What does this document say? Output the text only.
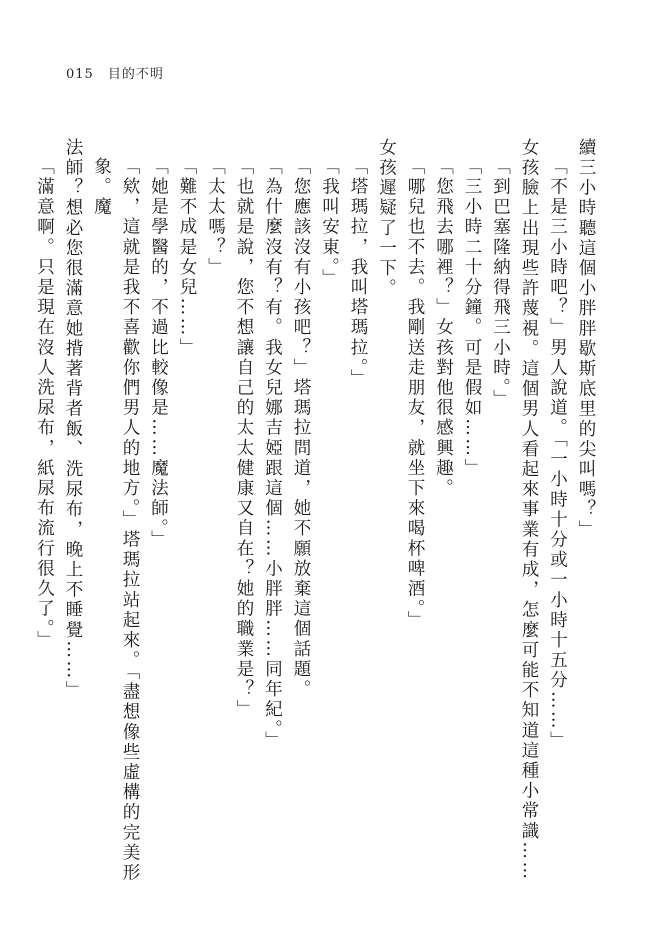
015 目的不明

續三小時聽這個小胖胖歇斯底里的尖叫嗎？」

「不是三小時吧？」男人說道。「一小時十分或一小時十五分……」

女孩臉上出現些許蔑視。這個男人看起來事業有成，怎麼可能不知道這種小常識……

「到巴塞隆納得飛三小時。」

「三小時二十分鐘。可是假如……」

「您飛去哪裡？」女孩對他很感興趣。

「哪兒也不去。我剛送走朋友，就坐下來喝杯啤酒。」

女孩遲疑了一下。

「塔瑪拉，我叫塔瑪拉。」

「我叫安東。」

「您應該沒有小孩吧？」塔瑪拉問道，她不願放棄這個話題。

「為什麼沒有？有。我女兒娜吉婭跟這個……小胖胖……同年紀。」

「也就是說，您不想讓自己的太太健康又自在？她的職業是？」

「太太嗎？」

「難不成是女兒……」

「她是學醫的，不過比較像是……魔法師。」

「欸，這就是我不喜歡你們男人的地方。」塔瑪拉站起來。「盡想像些虛構的完美形象。魔

法師？想必您很滿意她揹著背者飯、洗尿布，晚上不睡覺……」

「滿意啊。只是現在沒人洗尿布，紙尿布流行很久了。」
